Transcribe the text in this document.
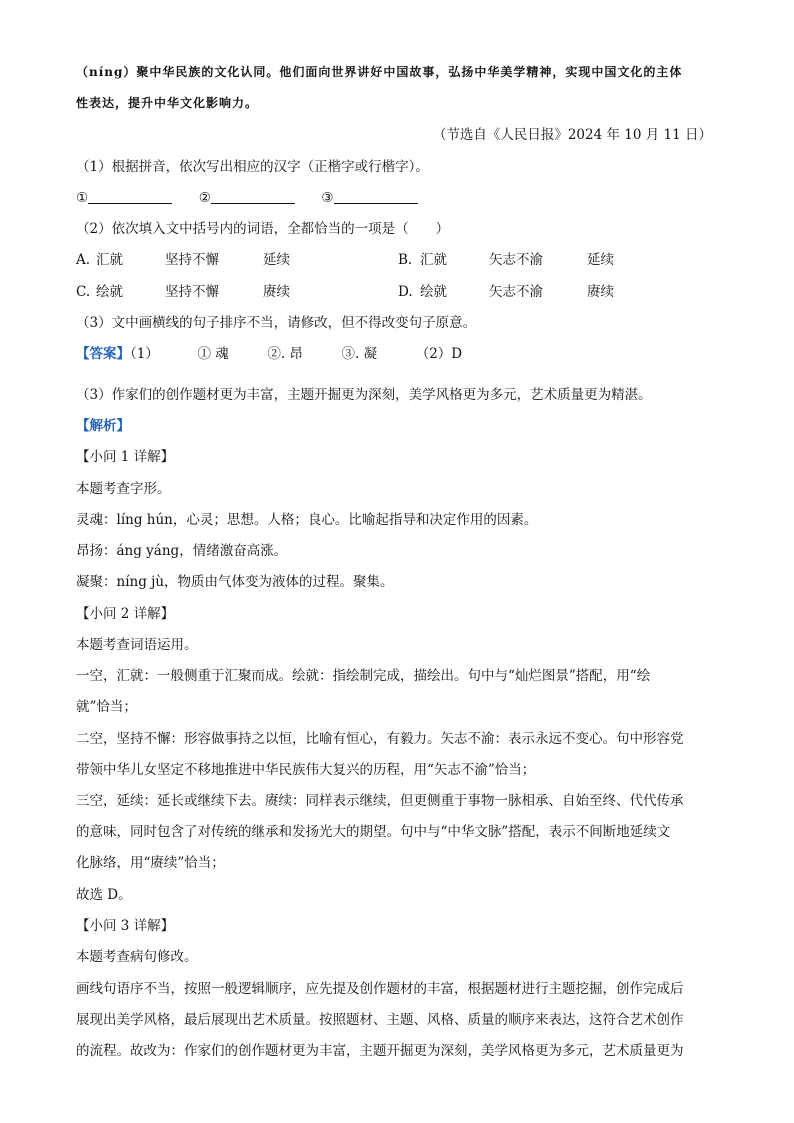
（níng）聚中华民族的文化认同。他们面向世界讲好中国故事，弘扬中华美学精神，实现中国文化的主体
性表达，提升中华文化影响力。
（节选自《人民日报》2024 年 10 月 11 日）
（1）根据拼音，依次写出相应的汉字（正楷字或行楷字）。
①	②	③
（2）依次填入文中括号内的词语，全都恰当的一项是（　　）
A. 汇就	坚持不懈	延续	B. 汇就	矢志不渝	延续
C. 绘就	坚持不懈	赓续	D. 绘就	矢志不渝	赓续
（3）文中画横线的句子排序不当，请修改，但不得改变句子原意。
【答案】（1）	① 魂	②. 昂	③. 凝	（2）D
（3）作家们的创作题材更为丰富，主题开掘更为深刻，美学风格更为多元，艺术质量更为精湛。
【解析】
【小问 1 详解】
本题考查字形。
灵魂：líng hún，心灵；思想。人格；良心。比喻起指导和决定作用的因素。
昂扬：áng yáng，情绪激奋高涨。
凝聚：níng jù，物质由气体变为液体的过程。聚集。
【小问 2 详解】
本题考查词语运用。
一空，汇就：一般侧重于汇聚而成。绘就：指绘制完成，描绘出。句中与“灿烂图景”搭配，用“绘
就”恰当；
二空，坚持不懈：形容做事持之以恒，比喻有恒心，有毅力。矢志不渝：表示永远不变心。句中形容党
带领中华儿女坚定不移地推进中华民族伟大复兴的历程，用“矢志不渝”恰当；
三空，延续：延长或继续下去。赓续：同样表示继续，但更侧重于事物一脉相承、自始至终、代代传承
的意味，同时包含了对传统的继承和发扬光大的期望。句中与“中华文脉”搭配，表示不间断地延续文
化脉络，用“赓续”恰当；
故选 D。
【小问 3 详解】
本题考查病句修改。
画线句语序不当，按照一般逻辑顺序，应先提及创作题材的丰富，根据题材进行主题挖掘，创作完成后
展现出美学风格，最后展现出艺术质量。按照题材、主题、风格、质量的顺序来表达，这符合艺术创作
的流程。故改为：作家们的创作题材更为丰富，主题开掘更为深刻，美学风格更为多元，艺术质量更为
